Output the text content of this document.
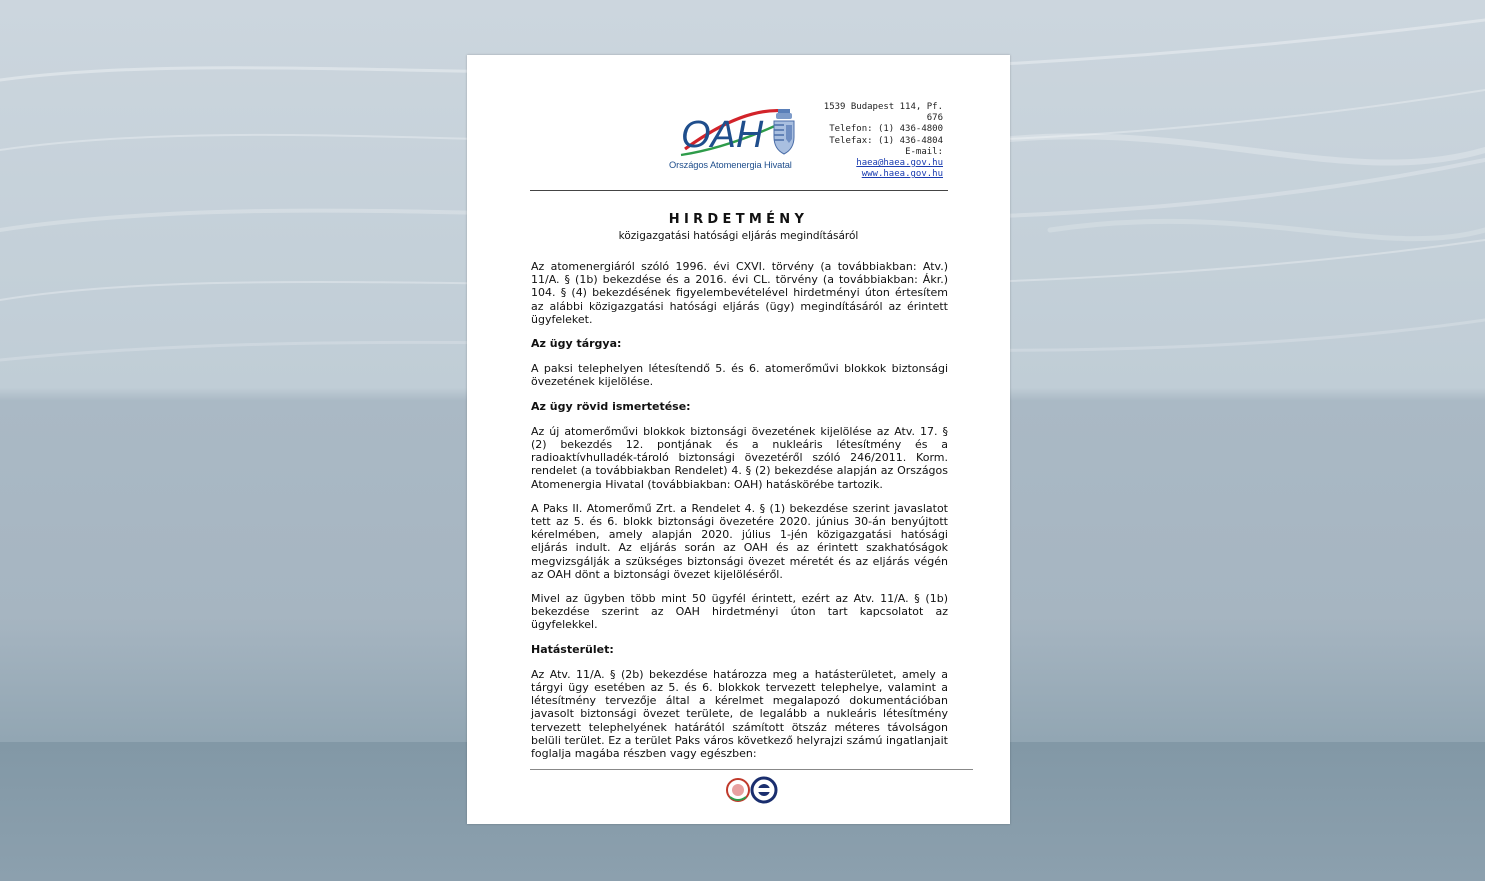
OAH
Országos Atomenergia Hivatal
1539 Budapest 114, Pf. 676
Telefon: (1) 436-4800
Telefax: (1) 436-4804
E-mail:
haea@haea.gov.hu
www.haea.gov.hu
HIRDETMÉNY
közigazgatási hatósági eljárás megindításáról

Az atomenergiáról szóló 1996. évi CXVI. törvény (a továbbiakban: Atv.) 11/A. § (1b) bekezdése és a 2016. évi CL. törvény (a továbbiakban: Ákr.) 104. § (4) bekezdésének figyelembevételével hirdetményi úton értesítem az alábbi közigazgatási hatósági eljárás (ügy) megindításáról az érintett ügyfeleket.

Az ügy tárgya:

A paksi telephelyen létesítendő 5. és 6. atomerőművi blokkok biztonsági övezetének kijelölése.

Az ügy rövid ismertetése:

Az új atomerőművi blokkok biztonsági övezetének kijelölése az Atv. 17. § (2) bekezdés 12. pontjának és a nukleáris létesítmény és a radioaktívhulladék-tároló biztonsági övezetéről szóló 246/2011. Korm. rendelet (a továbbiakban Rendelet) 4. § (2) bekezdése alapján az Országos Atomenergia Hivatal (továbbiakban: OAH) hatáskörébe tartozik.

A Paks II. Atomerőmű Zrt. a Rendelet 4. § (1) bekezdése szerint javaslatot tett az 5. és 6. blokk biztonsági övezetére 2020. június 30-án benyújtott kérelmében, amely alapján 2020. július 1-jén közigazgatási hatósági eljárás indult. Az eljárás során az OAH és az érintett szakhatóságok megvizsgálják a szükséges biztonsági övezet méretét és az eljárás végén az OAH dönt a biztonsági övezet kijelöléséről.

Mivel az ügyben több mint 50 ügyfél érintett, ezért az Atv. 11/A. § (1b) bekezdése szerint az OAH hirdetményi úton tart kapcsolatot az ügyfelekkel.

Hatásterület:

Az Atv. 11/A. § (2b) bekezdése határozza meg a hatásterületet, amely a tárgyi ügy esetében az 5. és 6. blokkok tervezett telephelye, valamint a létesítmény tervezője által a kérelmet megalapozó dokumentációban javasolt biztonsági övezet területe, de legalább a nukleáris létesítmény tervezett telephelyének határától számított ötszáz méteres távolságon belüli terület. Ez a terület Paks város következő helyrajzi számú ingatlanjait foglalja magába részben vagy egészben:
